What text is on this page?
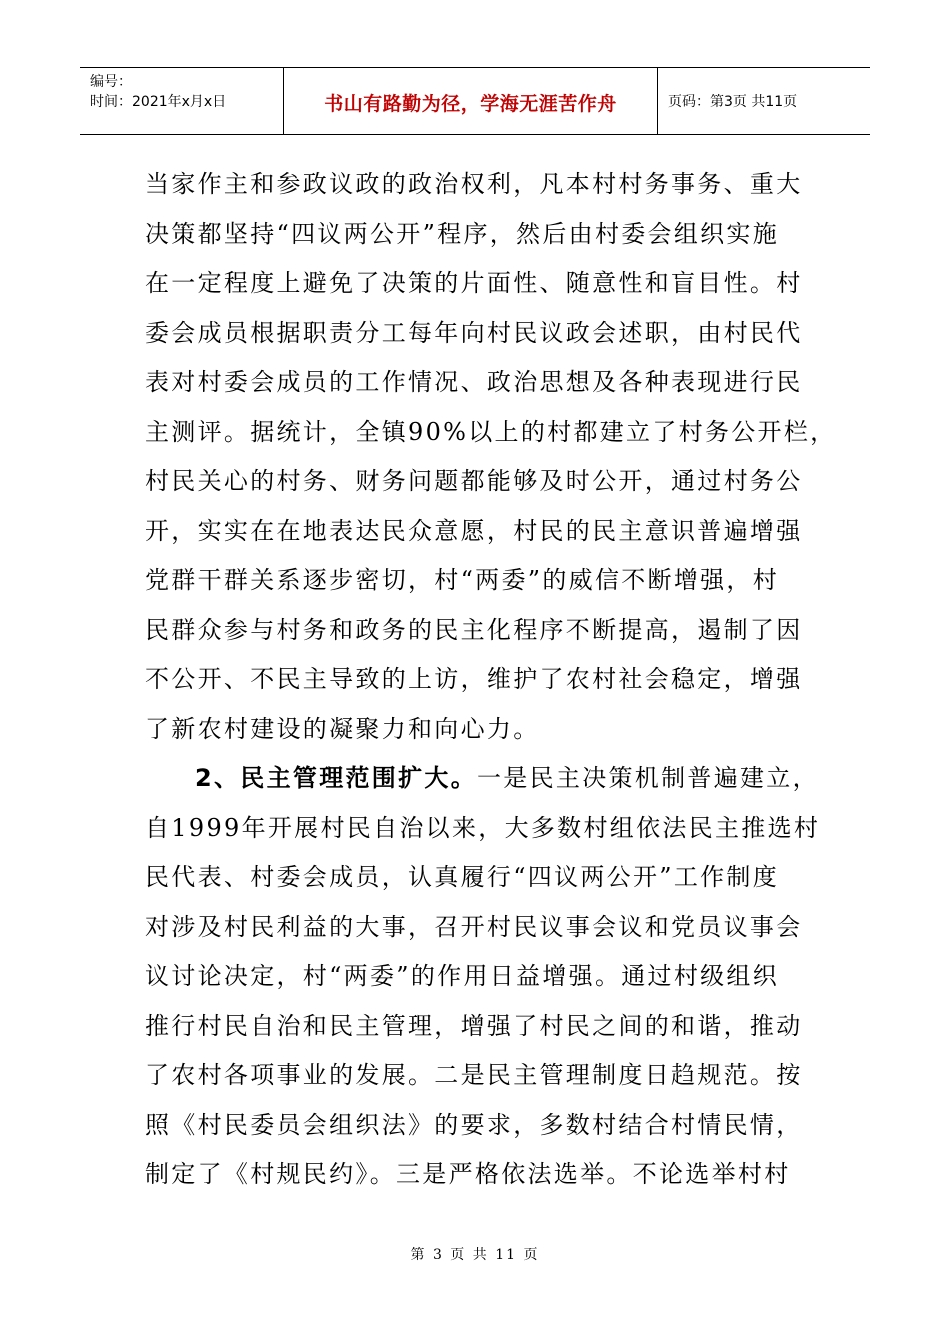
编号：
时间：2021年x月x日	书山有路勤为径，学海无涯苦作舟	页码：第3页 共11页
当家作主和参政议政的政治权利，凡本村村务事务、重大
决策都坚持“四议两公开”程序，然后由村委会组织实施
在一定程度上避免了决策的片面性、随意性和盲目性。村
委会成员根据职责分工每年向村民议政会述职，由村民代
表对村委会成员的工作情况、政治思想及各种表现进行民
主测评。据统计，全镇90%以上的村都建立了村务公开栏，
村民关心的村务、财务问题都能够及时公开，通过村务公
开，实实在在地表达民众意愿，村民的民主意识普遍增强
党群干群关系逐步密切，村“两委”的威信不断增强，村
民群众参与村务和政务的民主化程序不断提高，遏制了因
不公开、不民主导致的上访，维护了农村社会稳定，增强
了新农村建设的凝聚力和向心力。
2、民主管理范围扩大。一是民主决策机制普遍建立，
自1999年开展村民自治以来，大多数村组依法民主推选村
民代表、村委会成员，认真履行“四议两公开”工作制度
对涉及村民利益的大事，召开村民议事会议和党员议事会
议讨论决定，村“两委”的作用日益增强。通过村级组织
推行村民自治和民主管理，增强了村民之间的和谐，推动
了农村各项事业的发展。二是民主管理制度日趋规范。按
照《村民委员会组织法》的要求，多数村结合村情民情，
制定了《村规民约》。三是严格依法选举。不论选举村村
第 3 页 共 11 页
